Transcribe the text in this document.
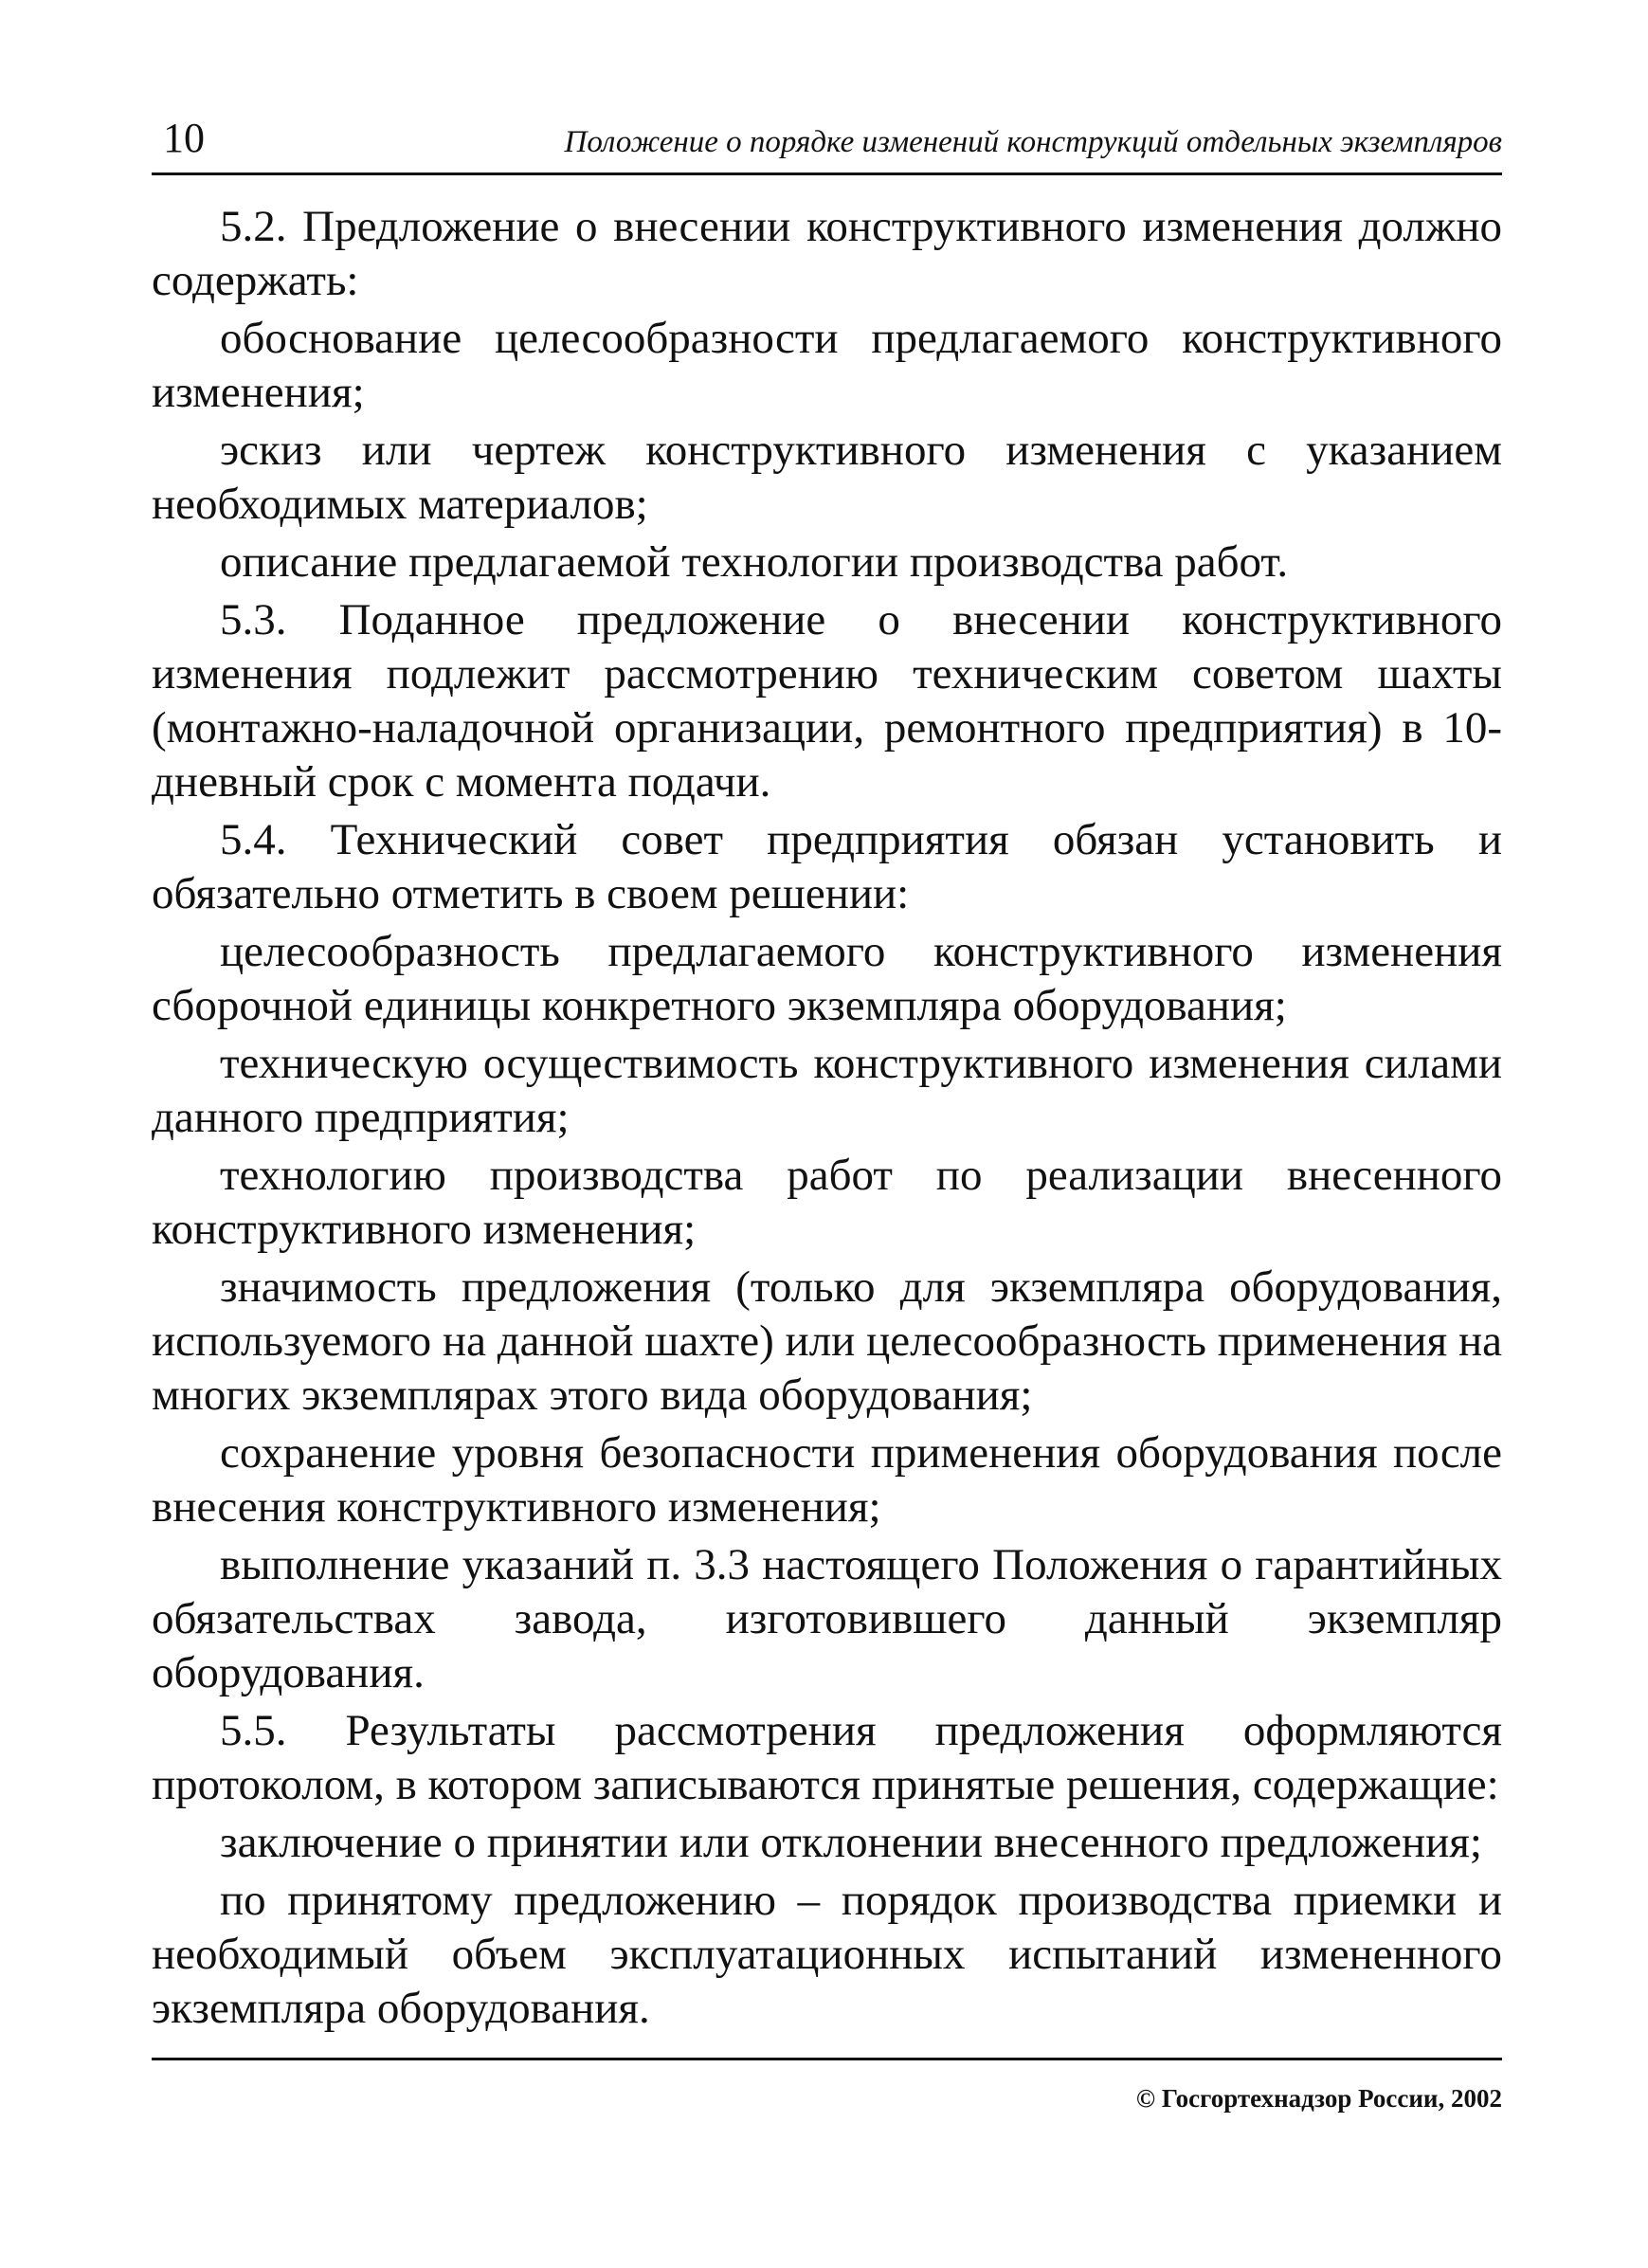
10	Положение о порядке изменений конструкций отдельных экземпляров

5.2. Предложение о внесении конструктивного изменения должно содержать:

обоснование целесообразности предлагаемого конструктивного изменения;

эскиз или чертеж конструктивного изменения с указанием необходимых материалов;

описание предлагаемой технологии производства работ.

5.3. Поданное предложение о внесении конструктивного изменения подлежит рассмотрению техническим советом шахты (монтажно-наладочной организации, ремонтного предприятия) в 10-дневный срок с момента подачи.

5.4. Технический совет предприятия обязан установить и обязательно отметить в своем решении:

целесообразность предлагаемого конструктивного изменения сборочной единицы конкретного экземпляра оборудования;

техническую осуществимость конструктивного изменения силами данного предприятия;

технологию производства работ по реализации внесенного конструктивного изменения;

значимость предложения (только для экземпляра оборудования, используемого на данной шахте) или целесообразность применения на многих экземплярах этого вида оборудования;

сохранение уровня безопасности применения оборудования после внесения конструктивного изменения;

выполнение указаний п. 3.3 настоящего Положения о гарантийных обязательствах завода, изготовившего данный экземпляр оборудования.

5.5. Результаты рассмотрения предложения оформляются протоколом, в котором записываются принятые решения, содержащие:

заключение о принятии или отклонении внесенного предложения;

по принятому предложению – порядок производства приемки и необходимый объем эксплуатационных испытаний измененного экземпляра оборудования.

© Госгортехнадзор России, 2002
